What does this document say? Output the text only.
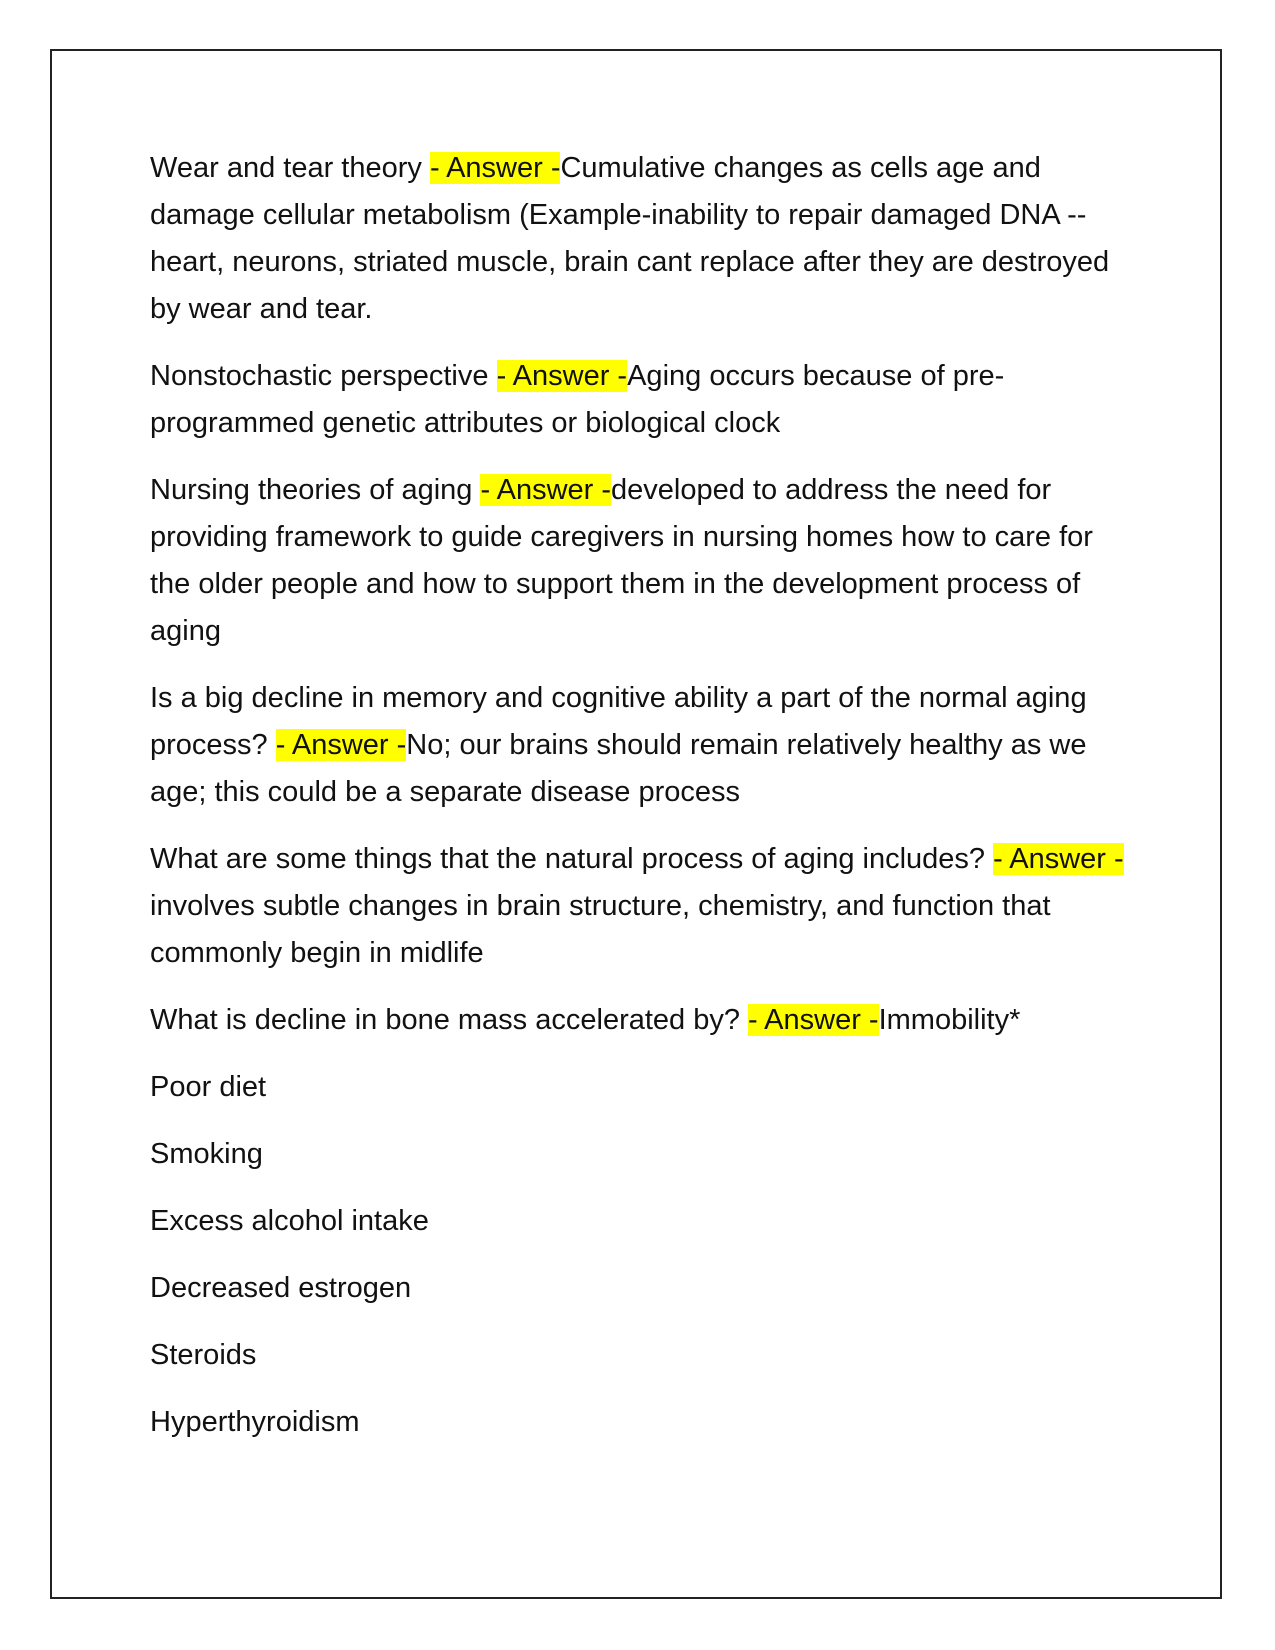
Wear and tear theory - Answer -Cumulative changes as cells age and damage cellular metabolism (Example-inability to repair damaged DNA -- heart, neurons, striated muscle, brain cant replace after they are destroyed by wear and tear.

Nonstochastic perspective - Answer -Aging occurs because of pre-programmed genetic attributes or biological clock

Nursing theories of aging - Answer -developed to address the need for providing framework to guide caregivers in nursing homes how to care for the older people and how to support them in the development process of aging

Is a big decline in memory and cognitive ability a part of the normal aging process? - Answer -No; our brains should remain relatively healthy as we age; this could be a separate disease process

What are some things that the natural process of aging includes? - Answer -involves subtle changes in brain structure, chemistry, and function that commonly begin in midlife

What is decline in bone mass accelerated by? - Answer -Immobility*

Poor diet

Smoking

Excess alcohol intake

Decreased estrogen

Steroids

Hyperthyroidism
